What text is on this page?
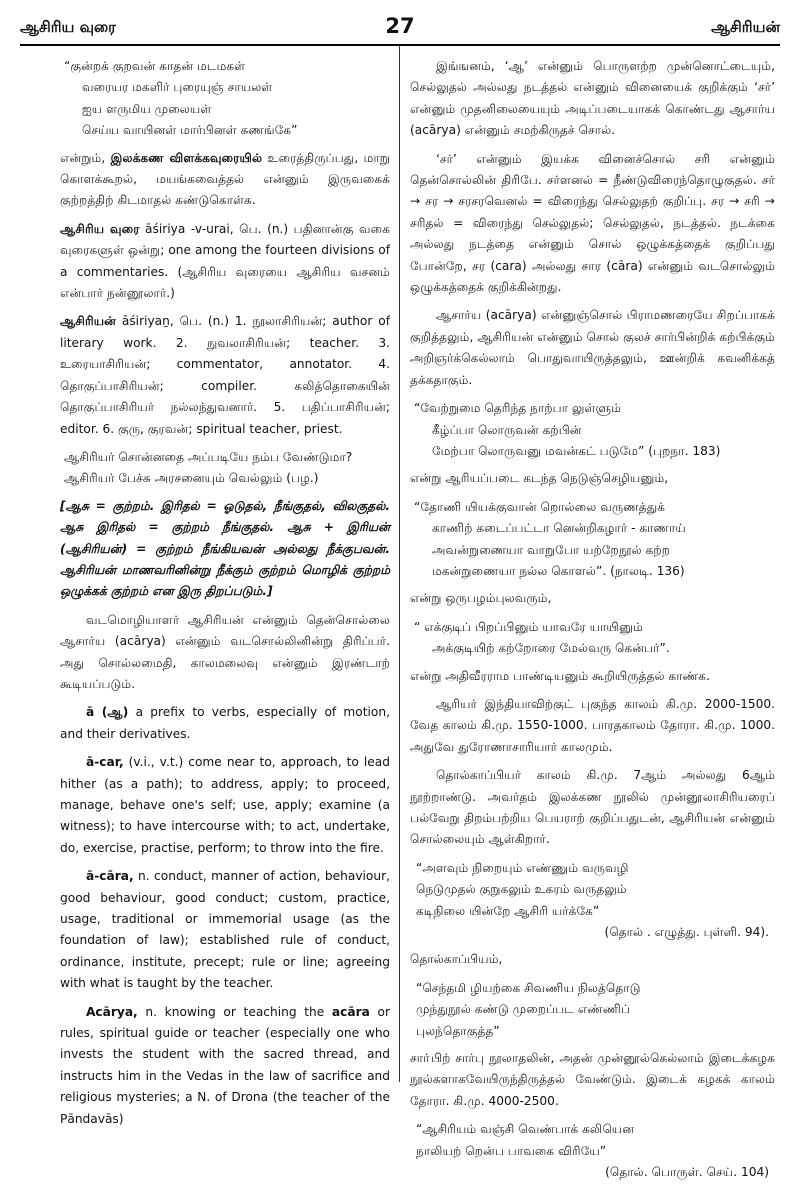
ஆசிரிய வுரை	27	ஆசிரியன்
“குன்றக் குறவன் காதன் மடமகள்
வரையர மகளிர் புரையுஞ் சாயலள்
ஐய ளருமிய முலையள்
செய்ய வாயினள் மார்பினள் சுணங்கே”

என்றும், இலக்கண விளக்கவுரையில் உரைத்திருப்பது, மாறு கொளக்கூறல், மயங்கவைத்தல் என்னும் இருவகைக் குற்றத்திற் கிடமாதல் கண்டுகொள்க.

ஆசிரிய வுரை āśiriya -v-urai, பெ. (n.) பதினான்கு வகை வுரைகளுள் ஒன்று; one among the fourteen divisions of a commentaries. (ஆசிரிய வுரையை ஆசிரிய வசனம் என்பார் நன்னூலார்.)

ஆசிரியன் āśiriyaṉ, பெ. (n.) 1. நூலாசிரியன்; author of literary work. 2. நுவலாசிரியன்; teacher. 3. உரையாசிரியன்; commentator, annotator. 4. தொகுப்பாசிரியன்; compiler. கலித்தொகையின் தொகுப்பாசிரியர் நல்லந்துவனார். 5. பதிப்பாசிரியன்; editor. 6. குரு, குரவன்; spiritual teacher, priest.

ஆசிரியர் சொன்னதை அப்படியே நம்ப வேண்டுமா?
ஆசிரியர் பேச்சு அரசனையும் வெல்லும் (பழ.)

[ஆசு = குற்றம். இரிதல் = ஓடுதல், நீங்குதல், விலகுதல். ஆசு இரிதல் = குற்றம் நீங்குதல். ஆசு + இரியன் (ஆசிரியன்) = குற்றம் நீங்கியவன் அல்லது நீக்குபவன். ஆசிரியன் மாணவரினின்று நீக்கும் குற்றம் மொழிக் குற்றம் ஒழுக்கக் குற்றம் என இரு திறப்படும்.]

வடமொழியாளர் ஆசிரியன் என்னும் தென்சொல்லை ஆசார்ய (acārya) என்னும் வடசொல்லினின்று திரிப்பர். அது சொல்லமைதி, காலமலைவு என்னும் இரண்டாற் கூடியப்படும்.

ā (ஆ) a prefix to verbs, especially of motion, and their derivatives.

ā-car, (v.i., v.t.) come near to, approach, to lead hither (as a path); to address, apply; to proceed, manage, behave one's self; use, apply; examine (a witness); to have intercourse with; to act, undertake, do, exercise, practise, perform; to throw into the fire.

ā-cāra, n. conduct, manner of action, behaviour, good behaviour, good conduct; custom, practice, usage, traditional or immemorial usage (as the foundation of law); established rule of conduct, ordinance, institute, precept; rule or line; agreeing with what is taught by the teacher.

Acārya, n. knowing or teaching the acāra or rules, spiritual guide or teacher (especially one who invests the student with the sacred thread, and instructs him in the Vedas in the law of sacrifice and religious mysteries; a N. of Drona (the teacher of the Pāndavās)

இங்ஙனம், ‘ஆ’ என்னும் பொருளற்ற முன்னொட்டையும், செல்லுதல் அல்லது நடத்தல் என்னும் வினையைக் குறிக்கும் ‘சர்’ என்னும் முதனிலையையும் அடிப்படையாகக் கொண்டது ஆசார்ய (acārya) என்னும் சமற்கிருதச் சொல்.

‘சர்’ என்னும் இயக்க வினைச்சொல் சரி என்னும் தென்சொல்லின் திரிபே. சர்ளனல் = நீண்டுவிரைந்தொழுகுதல். சர் → சர → சரசரவெனல் = விரைந்து செல்லுதற் குறிப்பு. சர → சரி → சரிதல் = விரைந்து செல்லுதல்; செல்லுதல், நடத்தல். நடக்கை அல்லது நடத்தை என்னும் சொல் ஒழுக்கத்தைக் குறிப்பது போன்றே, சர (cara) அல்லது சார (cāra) என்னும் வடசொல்லும் ஒழுக்கத்தைக் குறிக்கின்றது.

ஆசார்ய (acārya) என்னுஞ்சொல் பிராமணரையே சிறப்பாகக் குறித்தலும், ஆசிரியன் என்னும் சொல் குலச் சார்பின்றிக் கற்பிக்கும் அறிஞர்க்கெல்லாம் பொதுவாயிருத்தலும், ஊன்றிக் கவனிக்கத் தக்கதாகும்.

“வேற்றுமை தெரிந்த நாற்பா லுள்ளும்
கீழ்ப்பா லொருவன் கற்பின்
மேற்பா லொருவனு மவன்கட் படுமே” (புறநா. 183)

என்று ஆரியப்படை கடந்த நெடுஞ்செழியனும்,

“தோணி யியக்குவான் றொல்லை வருணத்துக்
காணிற் கடைப்பட்டா னென்றிகழார் - காணாய்
அவன்றுணையா வாறுபோ யற்றேநூல் கற்ற
மகன்றுணையா நல்ல கொளல்”. (நாலடி. 136)

என்று ஒருபழம்புலவரும்,

“ எக்குடிப் பிறப்பினும் யாவரே யாயினும்
அக்குடியிற் கற்றோரை மேல்வரு கென்பர்”.

என்று அதிவீரராம பாண்டியனும் கூறியிருத்தல் காண்க.

ஆரியர் இந்தியாவிற்குட் புகுந்த காலம் கி.மு. 2000-1500. வேத காலம் கி.மு. 1550-1000. பாரதகாலம் தோரா. கி.மு. 1000. அதுவே துரோணாசாரியார் காலமும்.

தொல்காப்பியர் காலம் கி.மு. 7ஆம் அல்லது 6ஆம் நூற்றாண்டு. அவர்தம் இலக்கண நூலில் முன்னூலாசிரியரைப் பல்வேறு திறம்பற்றிய பெயராற் குறிப்பதுடன், ஆசிரியன் என்னும் சொல்லையும் ஆள்கிறார்.

“அளவும் நிறையும் எண்ணும் வருவழி
நெடுமுதல் குறுகலும் உகரம் வருதலும்
கடிநிலை யின்றே ஆசிரி யர்க்கே”
(தொல் . எழுத்து. புள்ளி. 94).

தொல்காப்பியம்,

“செந்தமி ழியற்கை சிவணிய நிலத்தொடு
முந்துநூல் கண்டு முறைப்பட எண்ணிப்
புலந்தொகுத்த”

சாா்பிற் சார்பு நூலாதலின், அதன் முன்னூல்கெல்லாம் இடைக்கழக நூல்களாகவேயிருந்திருத்தல் வேண்டும். இடைக் கழகக் காலம் தோரா. கி.மு. 4000-2500.

“ஆசிரியம் வஞ்சி வெண்பாக் கலியென
நாலியற் றென்ப பாவகை விரியே”
(தொல். பொருள். செய். 104)
